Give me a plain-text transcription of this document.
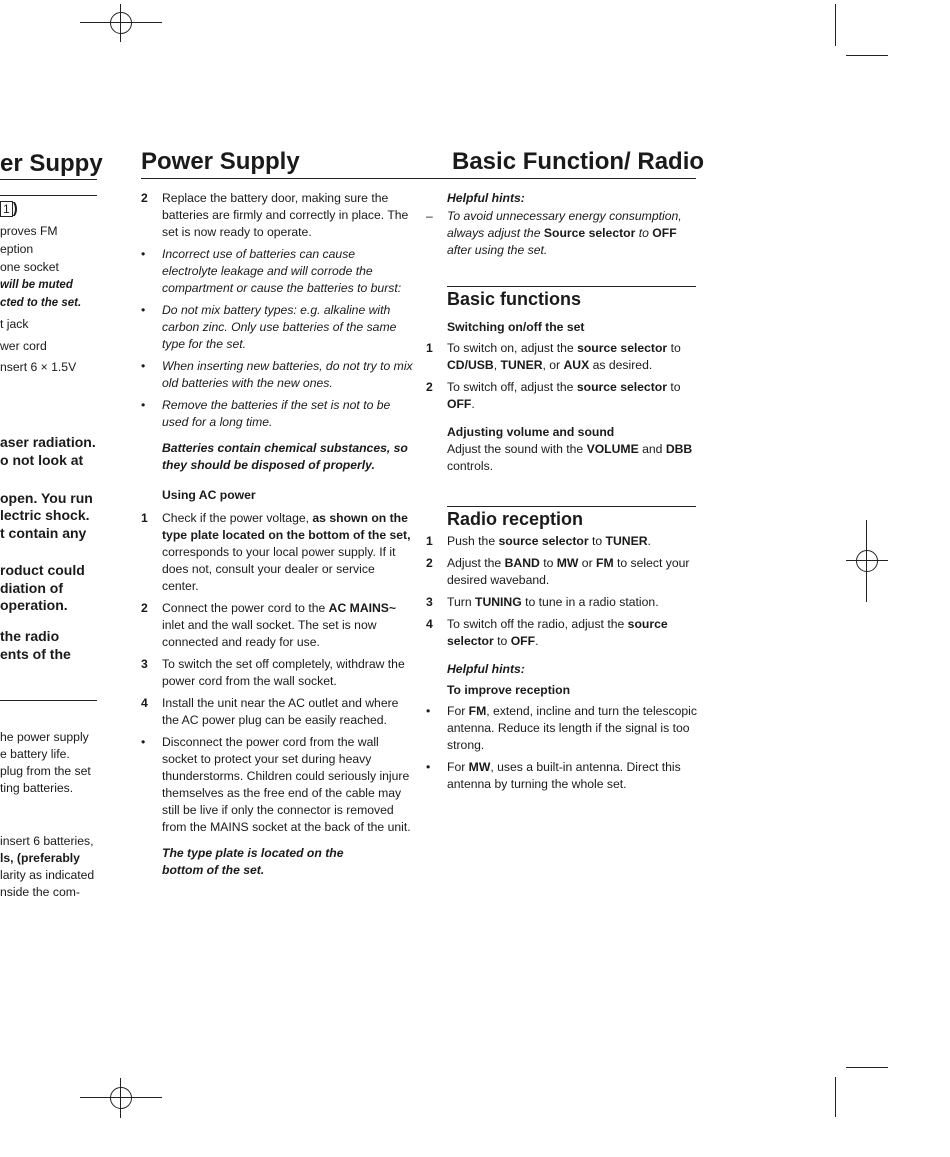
er Suppy
1 )
proves FM
eption
one socket
will be muted
cted to the set.
t jack
wer cord
nsert 6 × 1.5V
aser radiation.
o not look at
open. You run
lectric shock.
t contain any
roduct could
diation of
operation.
the radio
ents of the
he power supply
e battery life.
plug from the set
ting batteries.
insert 6 batteries,
ls, (preferably
larity as indicated
nside the com-
Power Supply	Basic Function/ Radio
2 Replace the battery door, making sure the batteries are firmly and correctly in place. The set is now ready to operate.

• Incorrect use of batteries can cause electrolyte leakage and will corrode the compartment or cause the batteries to burst:

• Do not mix battery types: e.g. alkaline with carbon zinc. Only use batteries of the same type for the set.

• When inserting new batteries, do not try to mix old batteries with the new ones.

• Remove the batteries if the set is not to be used for a long time.

Batteries contain chemical substances, so they should be disposed of properly.

Using AC power

1 Check if the power voltage, as shown on the type plate located on the bottom of the set, corresponds to your local power supply. If it does not, consult your dealer or service center.

2 Connect the power cord to the AC MAINS~ inlet and the wall socket. The set is now connected and ready for use.

3 To switch the set off completely, withdraw the power cord from the wall socket.

4 Install the unit near the AC outlet and where the AC power plug can be easily reached.

• Disconnect the power cord from the wall socket to protect your set during heavy thunderstorms. Children could seriously injure themselves as the free end of the cable may still be live if only the connector is removed from the MAINS socket at the back of the unit.

The type plate is located on the bottom of the set.

Helpful hints:

– To avoid unnecessary energy consumption, always adjust the Source selector to OFF after using the set.

Basic functions

Switching on/off the set

1 To switch on, adjust the source selector to CD/USB, TUNER, or AUX as desired.

2 To switch off, adjust the source selector to OFF.

Adjusting volume and sound

Adjust the sound with the VOLUME and DBB controls.

Radio reception
1 Push the source selector to TUNER.

2 Adjust the BAND to MW or FM to select your desired waveband.

3 Turn TUNING to tune in a radio station.

4 To switch off the radio, adjust the source selector to OFF.

Helpful hints:

To improve reception

• For FM, extend, incline and turn the telescopic antenna. Reduce its length if the signal is too strong.

• For MW, uses a built-in antenna. Direct this antenna by turning the whole set.
